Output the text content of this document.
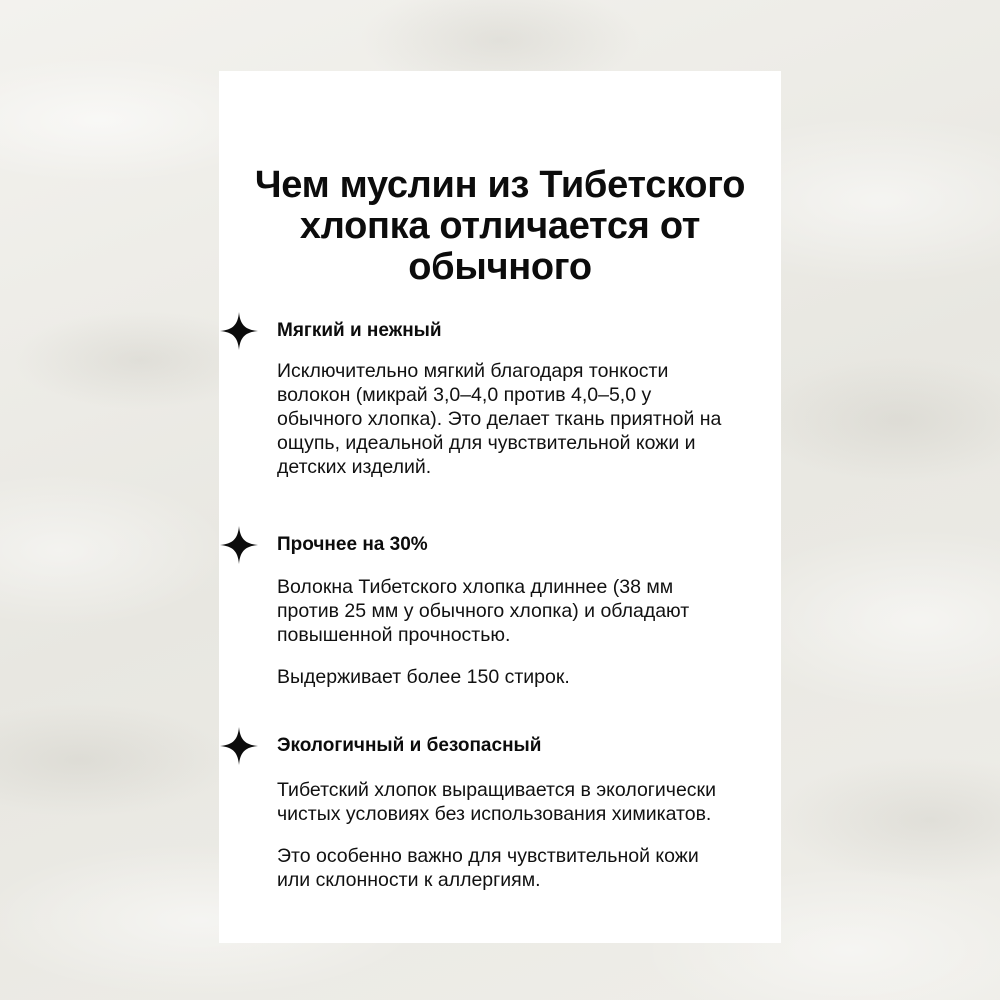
Чем муслин из Тибетского
хлопка отличается от
обычного
Мягкий и нежный

Исключительно мягкий благодаря тонкости
волокон (микрай 3,0–4,0 против 4,0–5,0 у
обычного хлопка). Это делает ткань приятной на
ощупь, идеальной для чувствительной кожи и
детских изделий.

Прочнее на 30%

Волокна Тибетского хлопка длиннее (38 мм
против 25 мм у обычного хлопка) и обладают
повышенной прочностью.

Выдерживает более 150 стирок.

Экологичный и безопасный

Тибетский хлопок выращивается в экологически
чистых условиях без использования химикатов.

Это особенно важно для чувствительной кожи
или склонности к аллергиям.
